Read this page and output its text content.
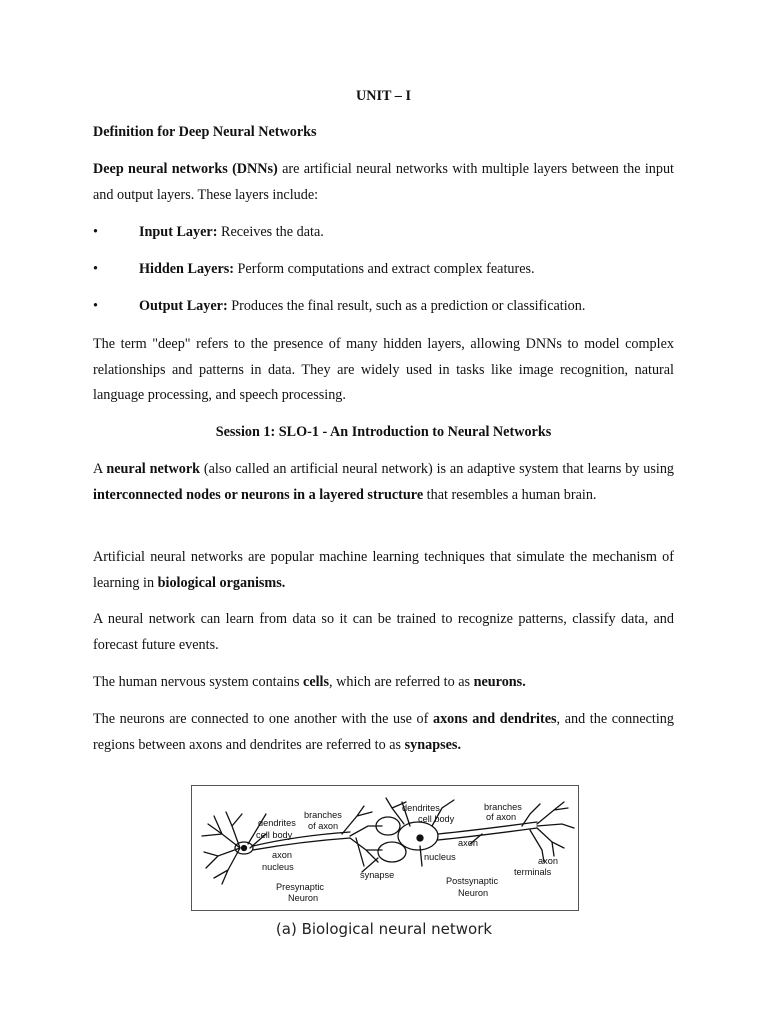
UNIT – I

Definition for Deep Neural Networks

Deep neural networks (DNNs) are artificial neural networks with multiple layers between the input and output layers. These layers include:

•	Input Layer: Receives the data.
•	Hidden Layers: Perform computations and extract complex features.
•	Output Layer: Produces the final result, such as a prediction or classification.

The term "deep" refers to the presence of many hidden layers, allowing DNNs to model complex relationships and patterns in data. They are widely used in tasks like image recognition, natural language processing, and speech processing.

Session 1: SLO-1 - An Introduction to Neural Networks

A neural network (also called an artificial neural network) is an adaptive system that learns by using interconnected nodes or neurons in a layered structure that resembles a human brain.

Artificial neural networks are popular machine learning techniques that simulate the mechanism of learning in biological organisms.

A neural network can learn from data so it can be trained to recognize patterns, classify data, and forecast future events.

The human nervous system contains cells, which are referred to as neurons.

The neurons are connected to one another with the use of axons and dendrites, and the connecting regions between axons and dendrites are referred to as synapses.

dendrites
cell body
branches
of axon
axon
nucleus
Presynaptic
Neuron
synapse
dendrites
cell body
branches
of axon
axon
nucleus	axon
terminals
Postsynaptic
Neuron
(a) Biological neural network
